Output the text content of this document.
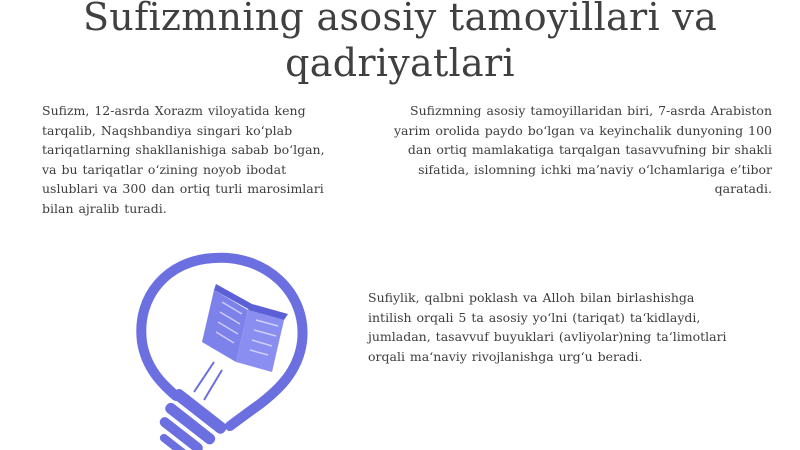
Sufizmning asosiy tamoyillari va qadriyatlari
Sufizm, 12-asrda Xorazm viloyatida keng tarqalib, Naqshbandiya singari ko‘plab tariqatlarning shakllanishiga sabab bo‘lgan, va bu tariqatlar o‘zining noyob ibodat uslublari va 300 dan ortiq turli marosimlari bilan ajralib turadi.
Sufizmning asosiy tamoyillaridan biri, 7-asrda Arabiston yarim orolida paydo bo‘lgan va keyinchalik dunyoning 100 dan ortiq mamlakatiga tarqalgan tasavvufning bir shakli sifatida, islomning ichki ma’naviy o‘lchamlariga e’tibor qaratadi.
Sufiylik, qalbni poklash va Alloh bilan birlashishga intilish orqali 5 ta asosiy yo‘lni (tariqat) ta‘kidlaydi, jumladan, tasavvuf buyuklari (avliyolar)ning ta‘limotlari orqali ma‘naviy rivojlanishga urg‘u beradi.
